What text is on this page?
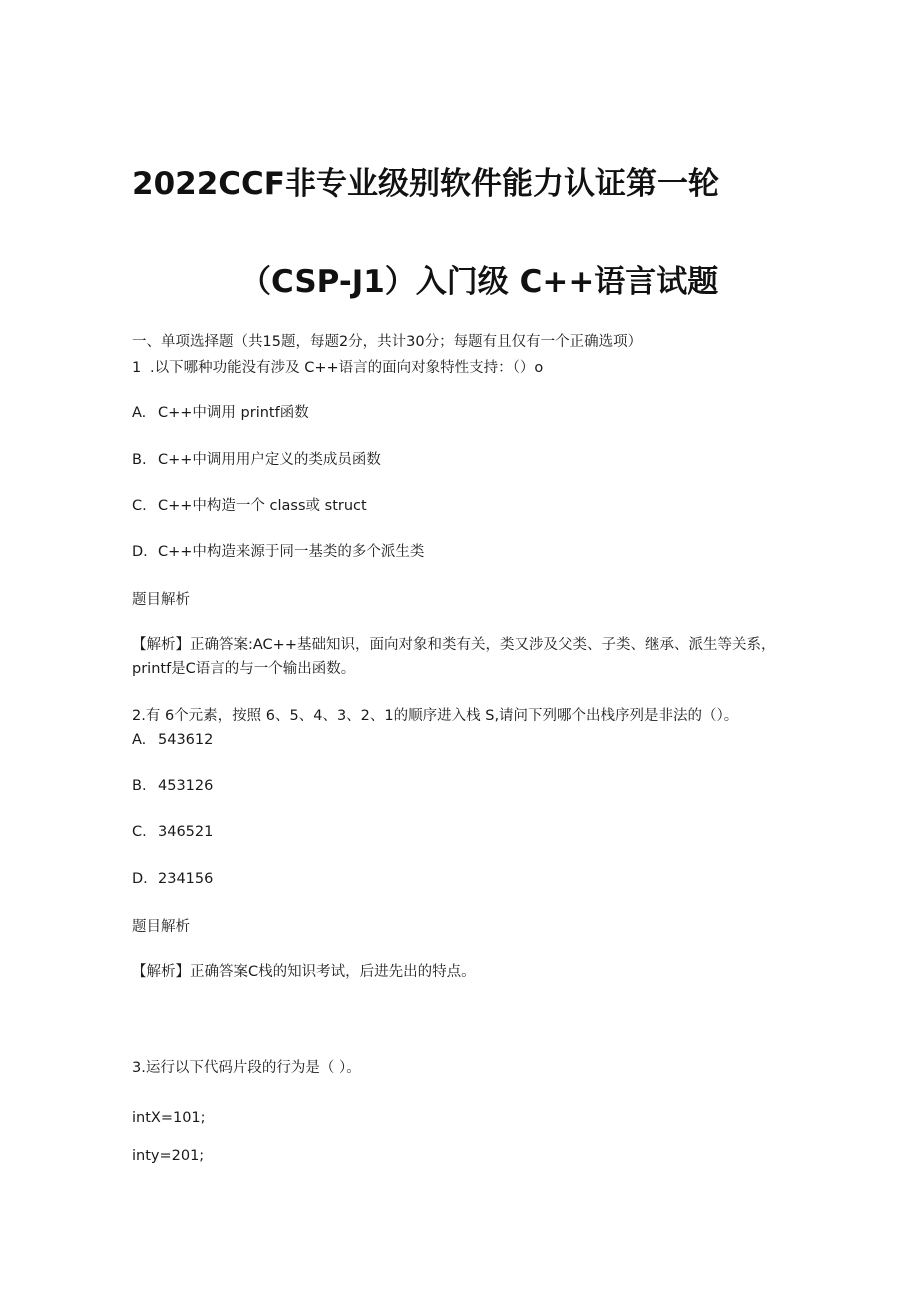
2022CCF非专业级别软件能力认证第一轮
（CSP-J1）入门级 C++语言试题
一、单项选择题（共15题，每题2分，共计30分；每题有且仅有一个正确选项）
1 .以下哪种功能没有涉及 C++语言的面向对象特性支持：（）o
A. C++中调用 printf函数
B. C++中调用用户定义的类成员函数
C. C++中构造一个 class或 struct
D. C++中构造来源于同一基类的多个派生类
题目解析
【解析】正确答案:AC++基础知识，面向对象和类有关，类又涉及父类、子类、继承、派生等关系，printf是C语言的与一个输出函数。
2.有 6个元素，按照 6、5、4、3、2、1的顺序进入栈 S,请问下列哪个出栈序列是非法的（）。
A. 543612
B. 453126
C. 346521
D. 234156
题目解析
【解析】正确答案C栈的知识考试，后进先出的特点。
3.运行以下代码片段的行为是（ ）。
intX=101;
inty=201;
